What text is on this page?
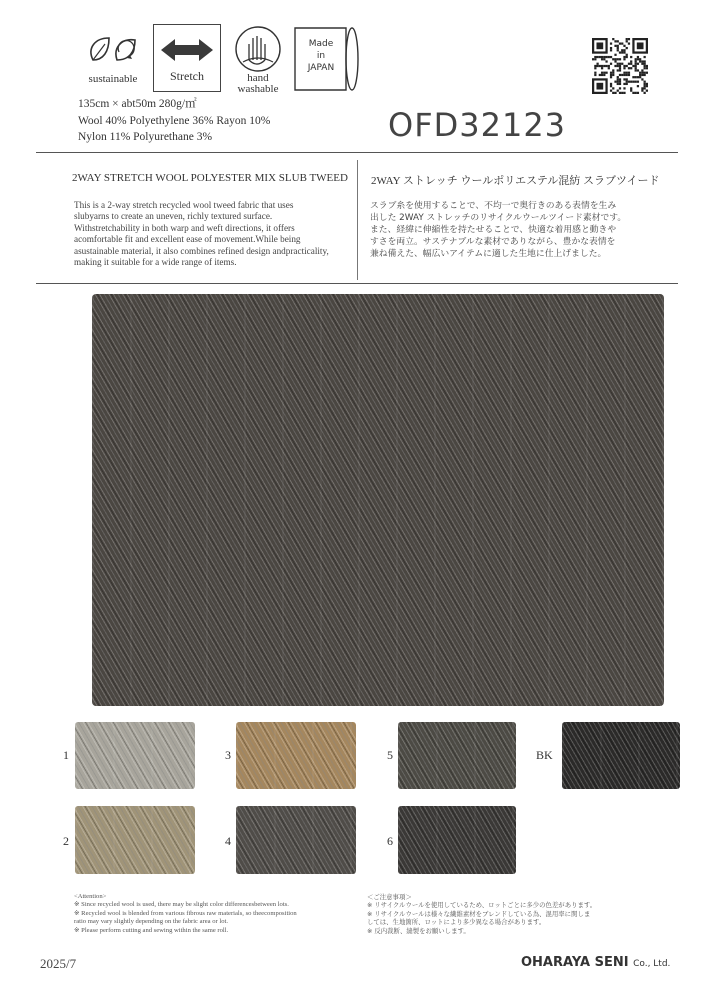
sustainable	Stretch	hand
washable
Made
in
JAPAN
135cm × abt50m 280g/㎡
Wool 40% Polyethylene 36% Rayon 10%
Nylon 11% Polyurethane 3%	OFD32123
2WAY STRETCH WOOL POLYESTER MIX SLUB TWEED 2WAY ストレッチ ウールポリエステル混紡 スラブツイード
This is a 2-way stretch recycled wool tweed fabric that uses
slubyarns to create an uneven, richly textured surface.
Withstretchability in both warp and weft directions, it offers
acomfortable fit and excellent ease of movement.While being
asustainable material, it also combines refined design andpracticality,
making it suitable for a wide range of items.
スラブ糸を使用することで、不均一で奥行きのある表情を生み
出した 2WAY ストレッチのリサイクルウールツイード素材です。
また、経緯に伸縮性を持たせることで、快適な着用感と動きや
すさを両立。サステナブルな素材でありながら、豊かな表情を
兼ね備えた、幅広いアイテムに適した生地に仕上げました。
1
2
3
4
5
6
BK
<Attention>
※ Since recycled wool is used, there may be slight color differencesbetween lots.
※ Recycled wool is blended from various fibrous raw materials, so theecomposition
ratio may vary slightly depending on the fabric area or lot.
※ Please perform cutting and sewing within the same roll.
＜ご注意事項＞
※ リサイクルウールを使用しているため、ロットごとに多少の色差があります。
※ リサイクルウールは様々な繊維素材をブレンドしている為、混用率に関しま
しては、生地箇所、ロットにより多少異なる場合があります。
※ 反内裁断、縫製をお願いします。
2025/7	OHARAYA SENI Co., Ltd.
